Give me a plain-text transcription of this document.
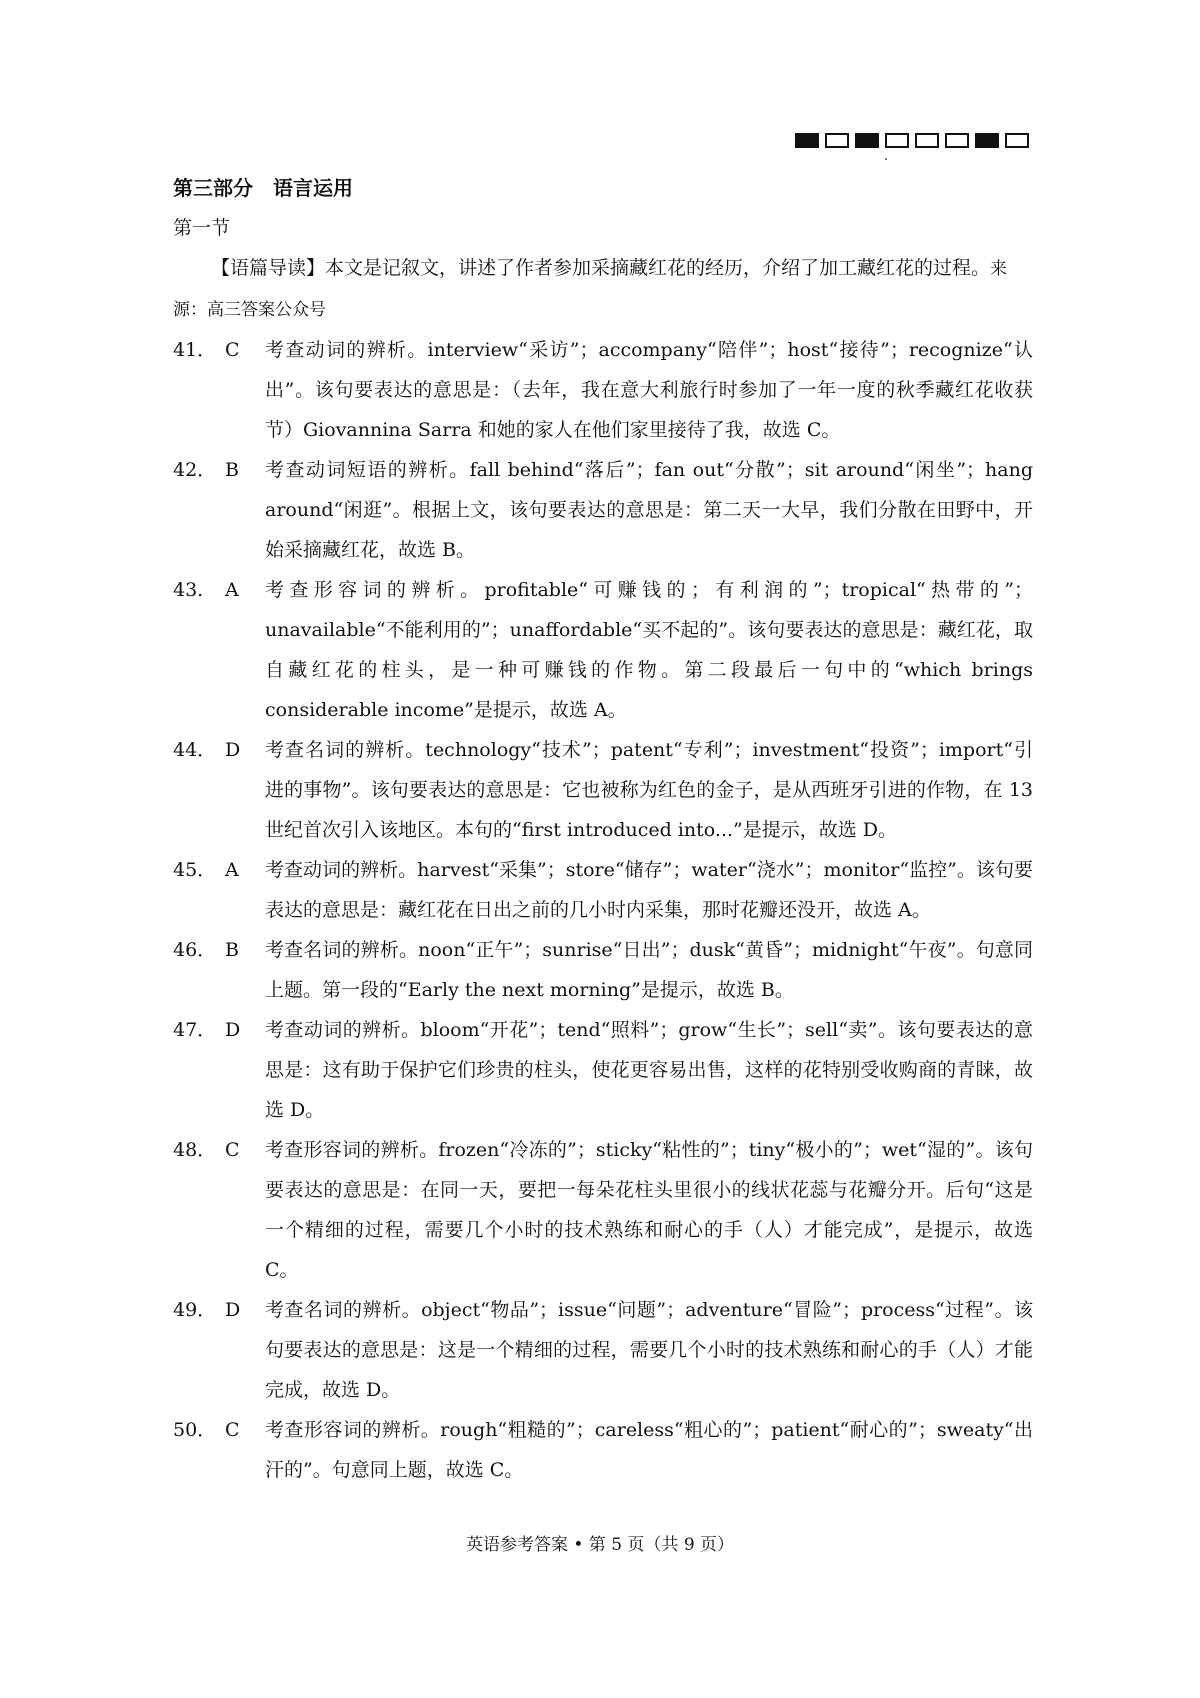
第三部分　语言运用
第一节

【语篇导读】本文是记叙文，讲述了作者参加采摘藏红花的经历，介绍了加工藏红花的过程。来源：高三答案公众号

41． C	考查动词的辨析。interview“采访”；accompany“陪伴”；host“接待”；recognize“认出”。该句要表达的意思是：（去年，我在意大利旅行时参加了一年一度的秋季藏红花收获节）Giovannina Sarra 和她的家人在他们家里接待了我，故选 C。
42． B	考查动词短语的辨析。fall behind“落后”；fan out“分散”；sit around“闲坐”；hang around“闲逛”。根据上文，该句要表达的意思是：第二天一大早，我们分散在田野中，开始采摘藏红花，故选 B。
43.	A	考查形容词的辨析。profitable“可赚钱的；有利润的”；tropical“热带的”；unavailable“不能利用的”；unaffordable“买不起的”。该句要表达的意思是：藏红花，取自藏红花的柱头，是一种可赚钱的作物。第二段最后一句中的“which brings considerable income”是提示，故选 A。
44． D	考查名词的辨析。technology“技术”；patent“专利”；investment“投资”；import“引进的事物”。该句要表达的意思是：它也被称为红色的金子，是从西班牙引进的作物，在 13 世纪首次引入该地区。本句的“first introduced into...”是提示，故选 D。
45． A	考查动词的辨析。harvest“采集”；store“储存”；water“浇水”；monitor“监控”。该句要表达的意思是：藏红花在日出之前的几小时内采集，那时花瓣还没开，故选 A。
46． B	考查名词的辨析。noon“正午”；sunrise“日出”；dusk“黄昏”；midnight“午夜”。句意同上题。第一段的“Early the next morning”是提示，故选 B。
47． D	考查动词的辨析。bloom“开花”；tend“照料”；grow“生长”；sell“卖”。该句要表达的意思是：这有助于保护它们珍贵的柱头，使花更容易出售，这样的花特别受收购商的青睐，故选 D。
48． C	考查形容词的辨析。frozen“冷冻的”；sticky“粘性的”；tiny“极小的”；wet“湿的”。该句要表达的意思是：在同一天，要把一每朵花柱头里很小的线状花蕊与花瓣分开。后句“这是一个精细的过程，需要几个小时的技术熟练和耐心的手（人）才能完成”，是提示，故选 C。
49． D	考查名词的辨析。object“物品”；issue“问题”；adventure“冒险”；process“过程”。该句要表达的意思是：这是一个精细的过程，需要几个小时的技术熟练和耐心的手（人）才能完成，故选 D。
50． C	考查形容词的辨析。rough“粗糙的”；careless“粗心的”；patient“耐心的”；sweaty“出汗的”。句意同上题，故选 C。
英语参考答案 • 第 5 页（共 9 页）
